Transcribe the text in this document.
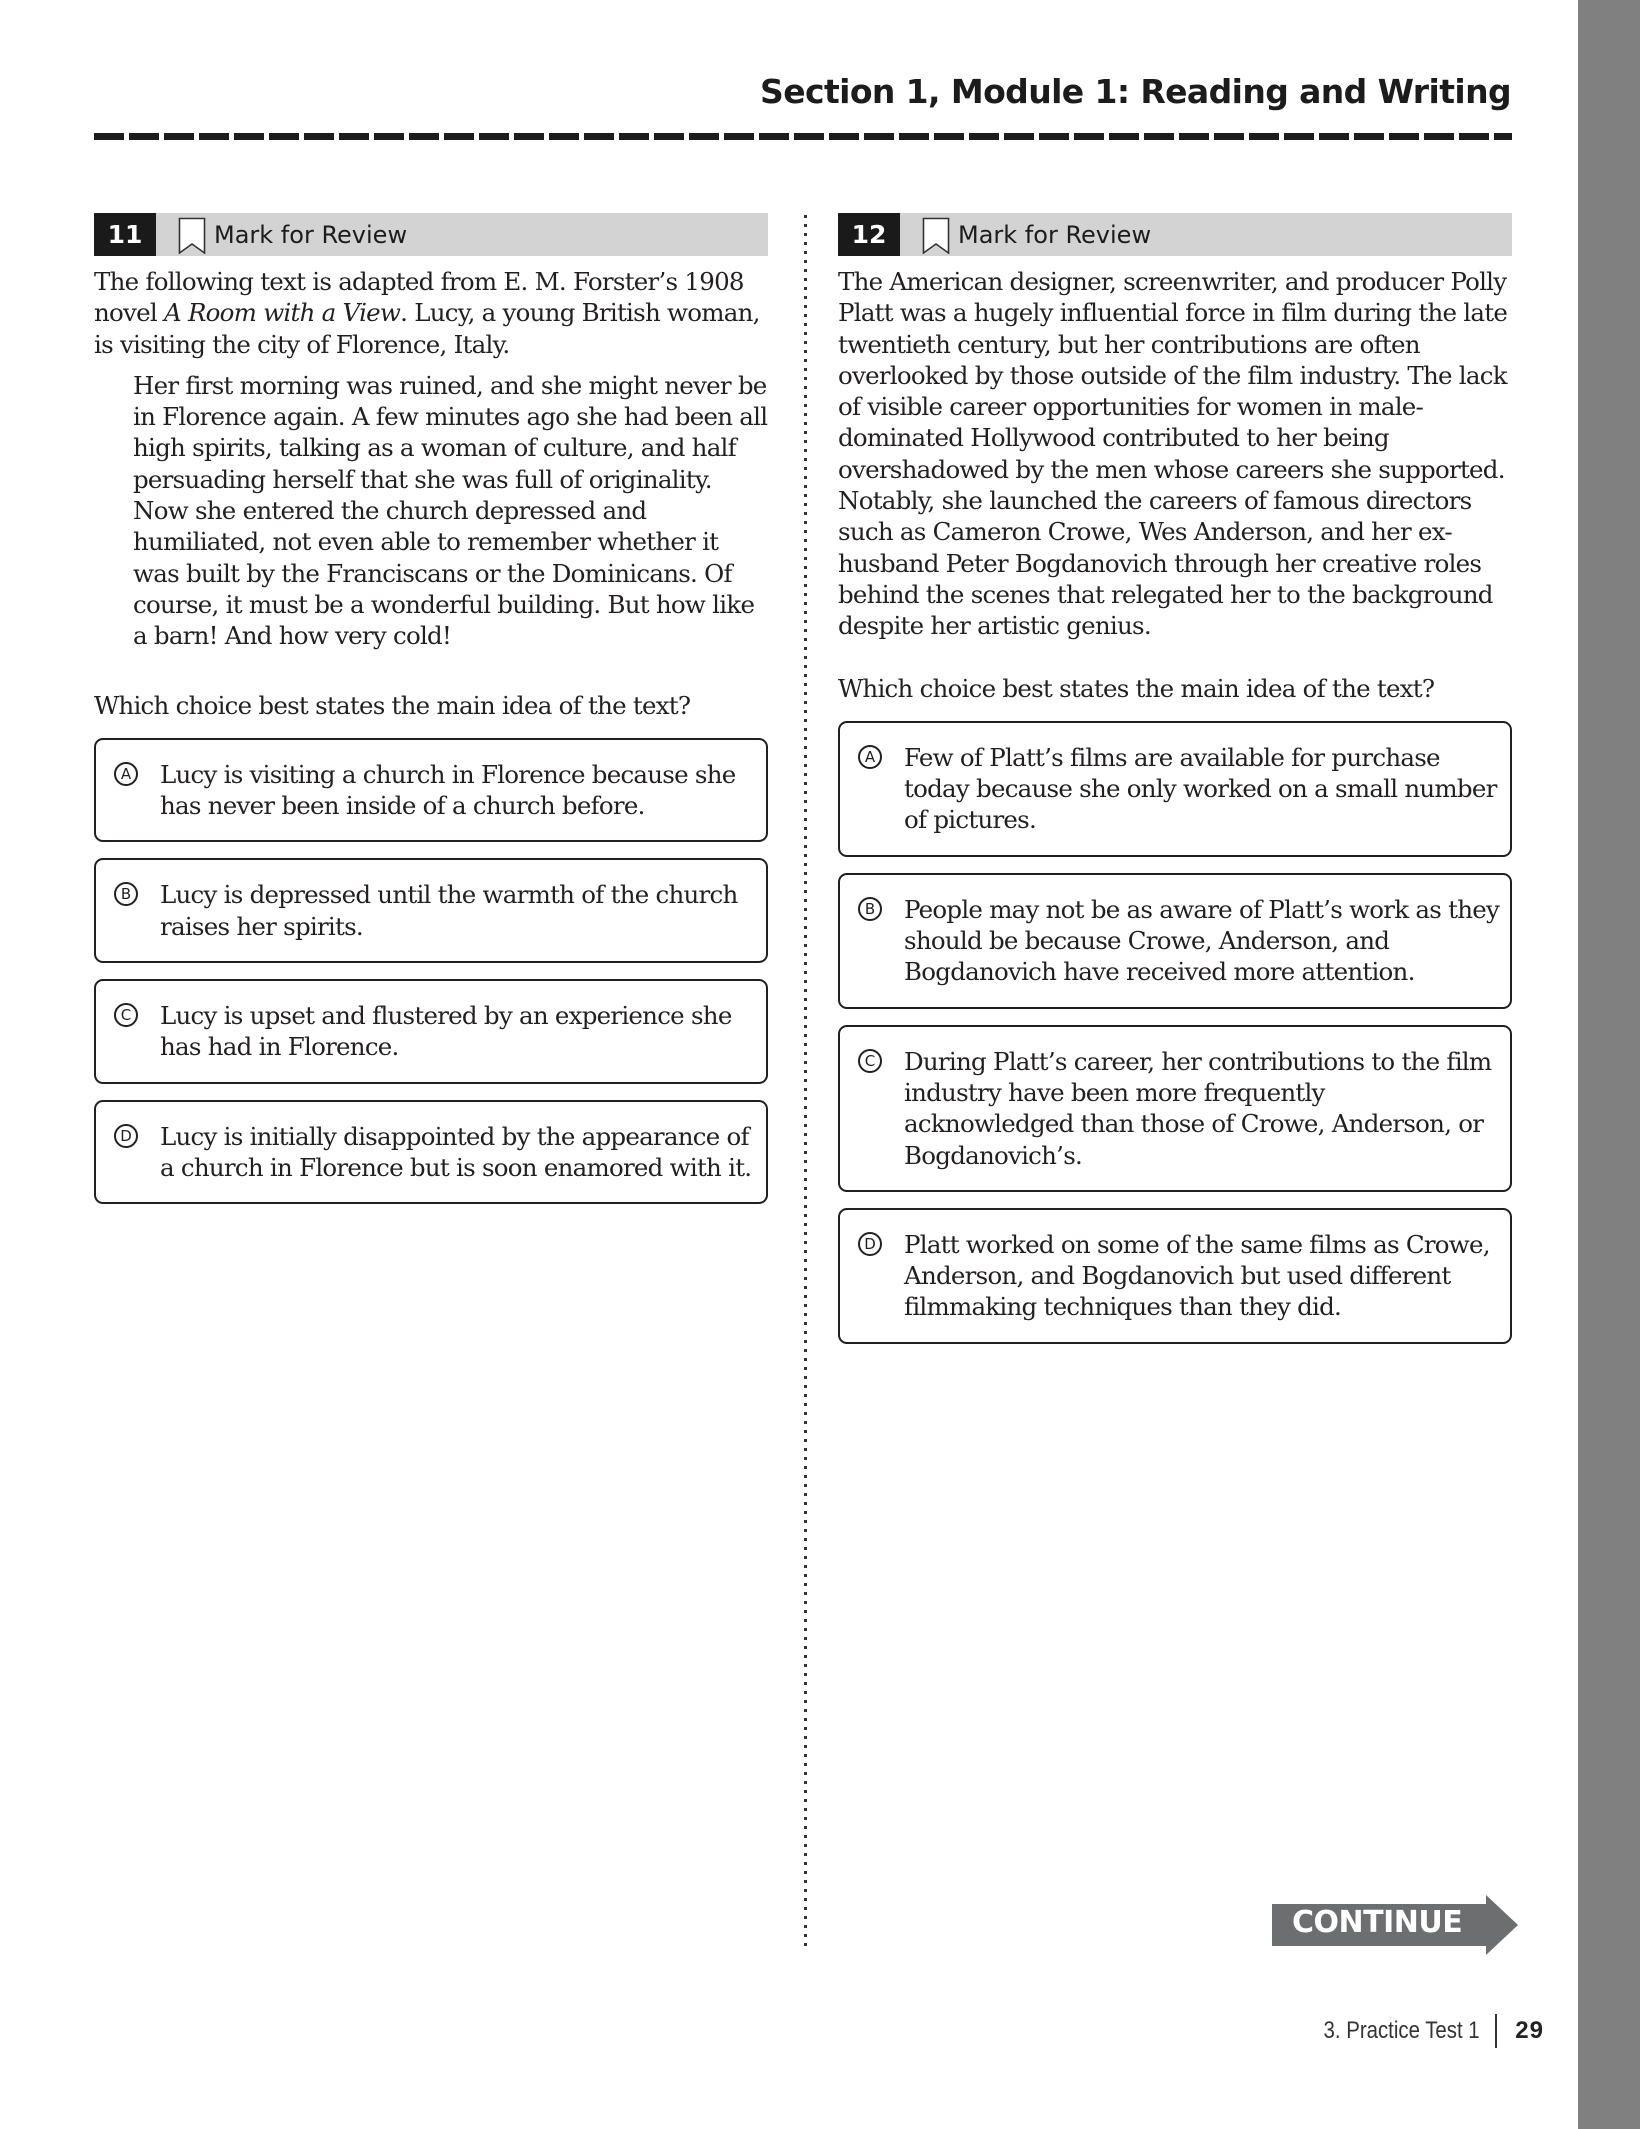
Section 1, Module 1: Reading and Writing
11	Mark for Review
The following text is adapted from E. M. Forster’s 1908 novel A Room with a View. Lucy, a young British woman, is visiting the city of Florence, Italy.
Her first morning was ruined, and she might never be in Florence again. A few minutes ago she had been all high spirits, talking as a woman of culture, and half persuading herself that she was full of originality. Now she entered the church depressed and humiliated, not even able to remember whether it was built by the Franciscans or the Dominicans. Of course, it must be a wonderful building. But how like a barn! And how very cold!
Which choice best states the main idea of the text?
A Lucy is visiting a church in Florence because she has never been inside of a church before.
B Lucy is depressed until the warmth of the church raises her spirits.
C Lucy is upset and flustered by an experience she has had in Florence.
D Lucy is initially disappointed by the appearance of a church in Florence but is soon enamored with it.
12	Mark for Review
The American designer, screenwriter, and producer Polly Platt was a hugely influential force in film during the late twentieth century, but her contributions are often overlooked by those outside of the film industry. The lack of visible career opportunities for women in male-dominated Hollywood contributed to her being overshadowed by the men whose careers she supported. Notably, she launched the careers of famous directors such as Cameron Crowe, Wes Anderson, and her ex-husband Peter Bogdanovich through her creative roles behind the scenes that relegated her to the background despite her artistic genius.
Which choice best states the main idea of the text?
A Few of Platt’s films are available for purchase today because she only worked on a small number of pictures.
B People may not be as aware of Platt’s work as they should be because Crowe, Anderson, and Bogdanovich have received more attention.
C During Platt’s career, her contributions to the film industry have been more frequently acknowledged than those of Crowe, Anderson, or Bogdanovich’s.
D Platt worked on some of the same films as Crowe, Anderson, and Bogdanovich but used different filmmaking techniques than they did.
CONTINUE
3. Practice Test 1 29
